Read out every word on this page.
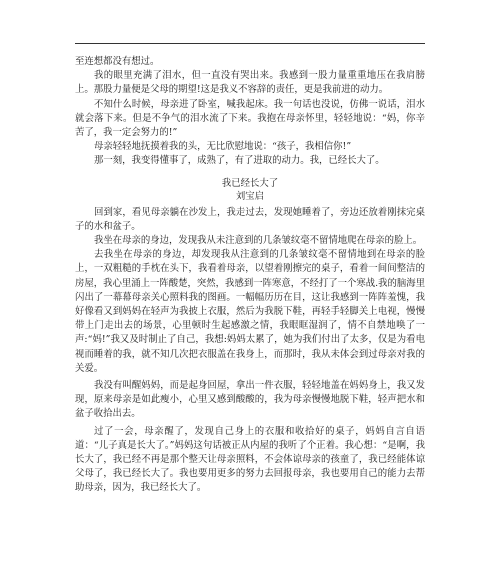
至连想都没有想过。

我的眼里充满了泪水，但一直没有哭出来。我感到一股力量重重地压在我肩膀上。那股力量便是父母的期望!这是我义不容辞的责任，更是我前进的动力。

不知什么时候，母亲进了卧室，喊我起床。我一句话也没说，仿佛一说话，泪水就会落下来。但是不争气的泪水流了下来。我抱在母亲怀里，轻轻地说：“妈，你辛苦了，我一定会努力的!”

母亲轻轻地抚摸着我的头，无比欣慰地说：“孩子，我相信你!”

那一刻，我变得懂事了，成熟了，有了进取的动力。我，已经长大了。

我已经长大了

刘宝启

回到家，看见母亲躺在沙发上，我走过去，发现她睡着了，旁边还放着刚抹完桌子的水和盆子。

我坐在母亲的身边，发现我从未注意到的几条皱纹毫不留情地爬在母亲的脸上。

去我坐在母亲的身边，却发现我从注意到的几条皱纹毫不留情地到在母亲的脸上，一双粗糙的手枕在头下，我看着母亲，以望着刚擦完的桌子，看着一间间整洁的房屋，我心里涌上一阵酸楚，突然，我感到一阵寒意，不经打了一个寒战.我的脑海里闪出了一幕幕母亲关心照料我的图画。一幅幅历历在目，这让我感到一阵阵羞愧，我好像看又到妈妈在轻声为我披上衣服，然后为我脱下鞋，再轻手轻脚关上电视，慢慢带上门走出去的场景，心里顿时生起感激之情，我眼眶湿润了，情不自禁地唤了一声:“妈!”我又及时制止了自己，我想:妈妈太累了，她为我们付出了太多，仅是为看电视而睡着的我，就不知几次把衣服盖在我身上，而那时，我从未体会到过母亲对我的关爱。

我没有叫醒妈妈，而是起身回屋，拿出一件衣服，轻轻地盖在妈妈身上，我又发现，原来母亲是如此瘦小，心里又感到酸酸的，我为母亲慢慢地脱下鞋，轻声把水和盆子收拾出去。

过了一会，母亲醒了，发现自己身上的衣服和收拾好的桌子，妈妈自言自语道：“儿子真是长大了。”妈妈这句话被正从内屋的我听了个正着。我心想：“是啊，我长大了，我已经不再是那个整天让母亲照料，不会体谅母亲的孩童了，我已经能体谅父母了，我已经长大了。我也要用更多的努力去回报母亲，我也要用自己的能力去帮助母亲，因为，我已经长大了。
